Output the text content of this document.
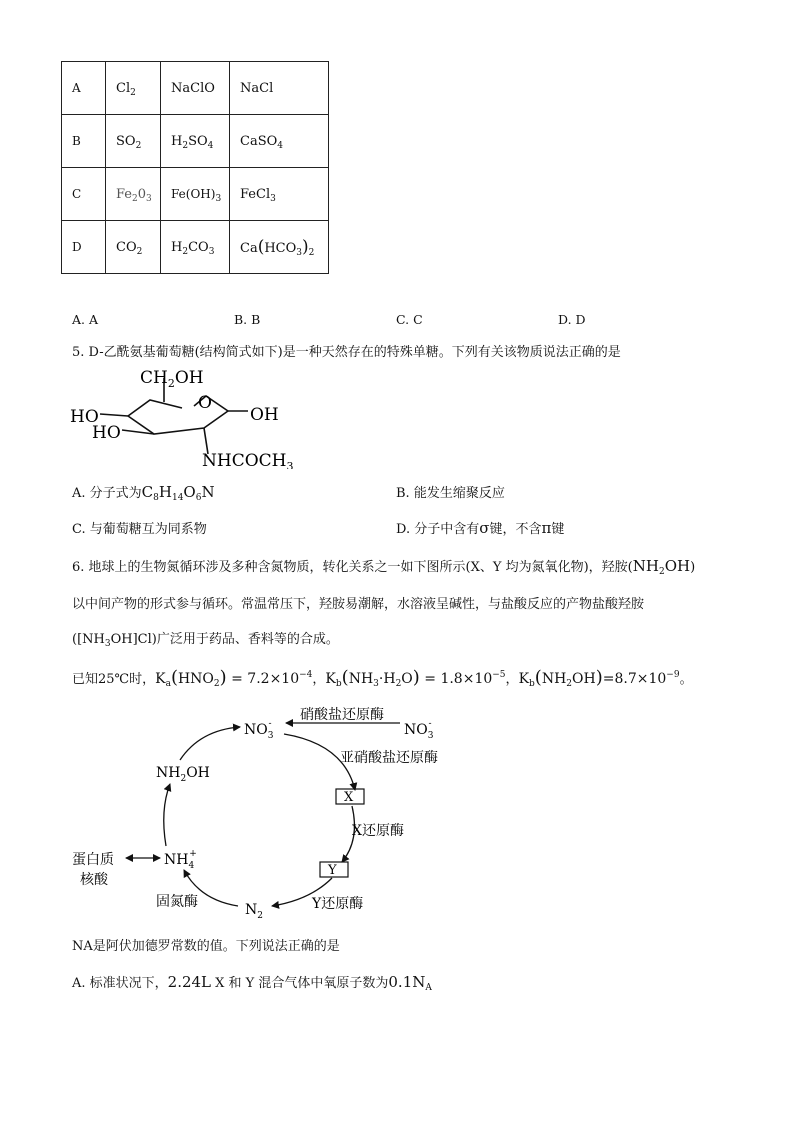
A	$Cl_2$	NaClO	NaCl
B	$SO_2$	$H_2SO_4$	CaSO$_4$
C	$Fe_20_3$	$Fe(OH)_3$	FeCl$_3$
D	$CO_2$	$H_2CO_3$	$Ca(HCO_3)_2$
A. A	B. B	C. C	D. D
5. D-乙酰氨基葡萄糖(结构简式如下)是一种天然存在的特殊单糖。下列有关该物质说法正确的是
$CH_2OH$
O
HO
HO
OH
$NHCOCH_3$
A. 分子式为$C_8H_{14}O_6N$	B. 能发生缩聚反应
C. 与葡萄糖互为同系物	D. 分子中含有σ键，不含π键
6. 地球上的生物氮循环涉及多种含氮物质，转化关系之一如下图所示(X、Y 均为氮氧化物)，羟胺$(NH_2OH)$
以中间产物的形式参与循环。常温常压下，羟胺易潮解，水溶液呈碱性，与盐酸反应的产物盐酸羟胺
$([NH_3OH]Cl)$广泛用于药品、香料等的合成。
已知25℃时，$K_a(HNO_2) = 7.2\times 10^{-4}$，$K_b(NH_3\cdot H_2O) = 1.8\times 10^{-5}$，$K_b(NH_2OH)=8.7\times 10^{-9}$。
$NO_3-$	$NO_3-$
硝酸盐还原酶
亚硝酸盐还原酶
X
X还原酶
Y
Y还原酶
$N_2$
固氮酶
$NH_4+$
$NH_2OH$
蛋白质
核酸
NA是阿伏加德罗常数的值。下列说法正确的是
A. 标准状况下，2.24L X 和 Y 混合气体中氧原子数为$0.1N_A$
